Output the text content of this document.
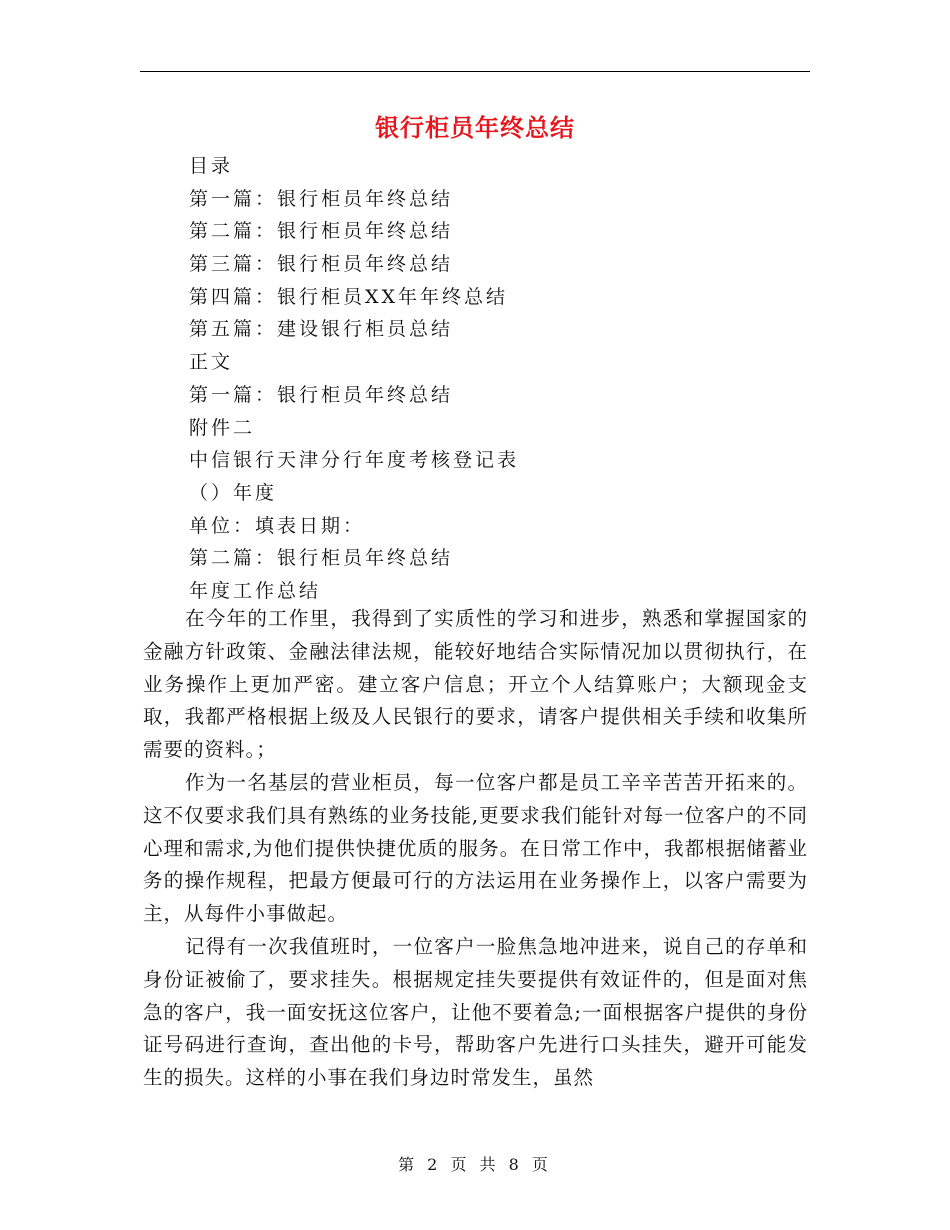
银行柜员年终总结
目录
第一篇：银行柜员年终总结
第二篇：银行柜员年终总结
第三篇：银行柜员年终总结
第四篇：银行柜员XX年年终总结
第五篇：建设银行柜员总结
正文
第一篇：银行柜员年终总结
附件二
中信银行天津分行年度考核登记表
（）年度
单位：填表日期：
第二篇：银行柜员年终总结
年度工作总结

在今年的工作里，我得到了实质性的学习和进步，熟悉和掌握国家的金融方针政策、金融法律法规，能较好地结合实际情况加以贯彻执行，在业务操作上更加严密。建立客户信息；开立个人结算账户；大额现金支取，我都严格根据上级及人民银行的要求，请客户提供相关手续和收集所需要的资料。；

作为一名基层的营业柜员，每一位客户都是员工辛辛苦苦开拓来的。这不仅要求我们具有熟练的业务技能,更要求我们能针对每一位客户的不同心理和需求,为他们提供快捷优质的服务。在日常工作中，我都根据储蓄业务的操作规程，把最方便最可行的方法运用在业务操作上，以客户需要为主，从每件小事做起。

记得有一次我值班时，一位客户一脸焦急地冲进来，说自己的存单和身份证被偷了，要求挂失。根据规定挂失要提供有效证件的，但是面对焦急的客户，我一面安抚这位客户，让他不要着急;一面根据客户提供的身份证号码进行查询，查出他的卡号，帮助客户先进行口头挂失，避开可能发生的损失。这样的小事在我们身边时常发生，虽然

第 2 页 共 8 页
